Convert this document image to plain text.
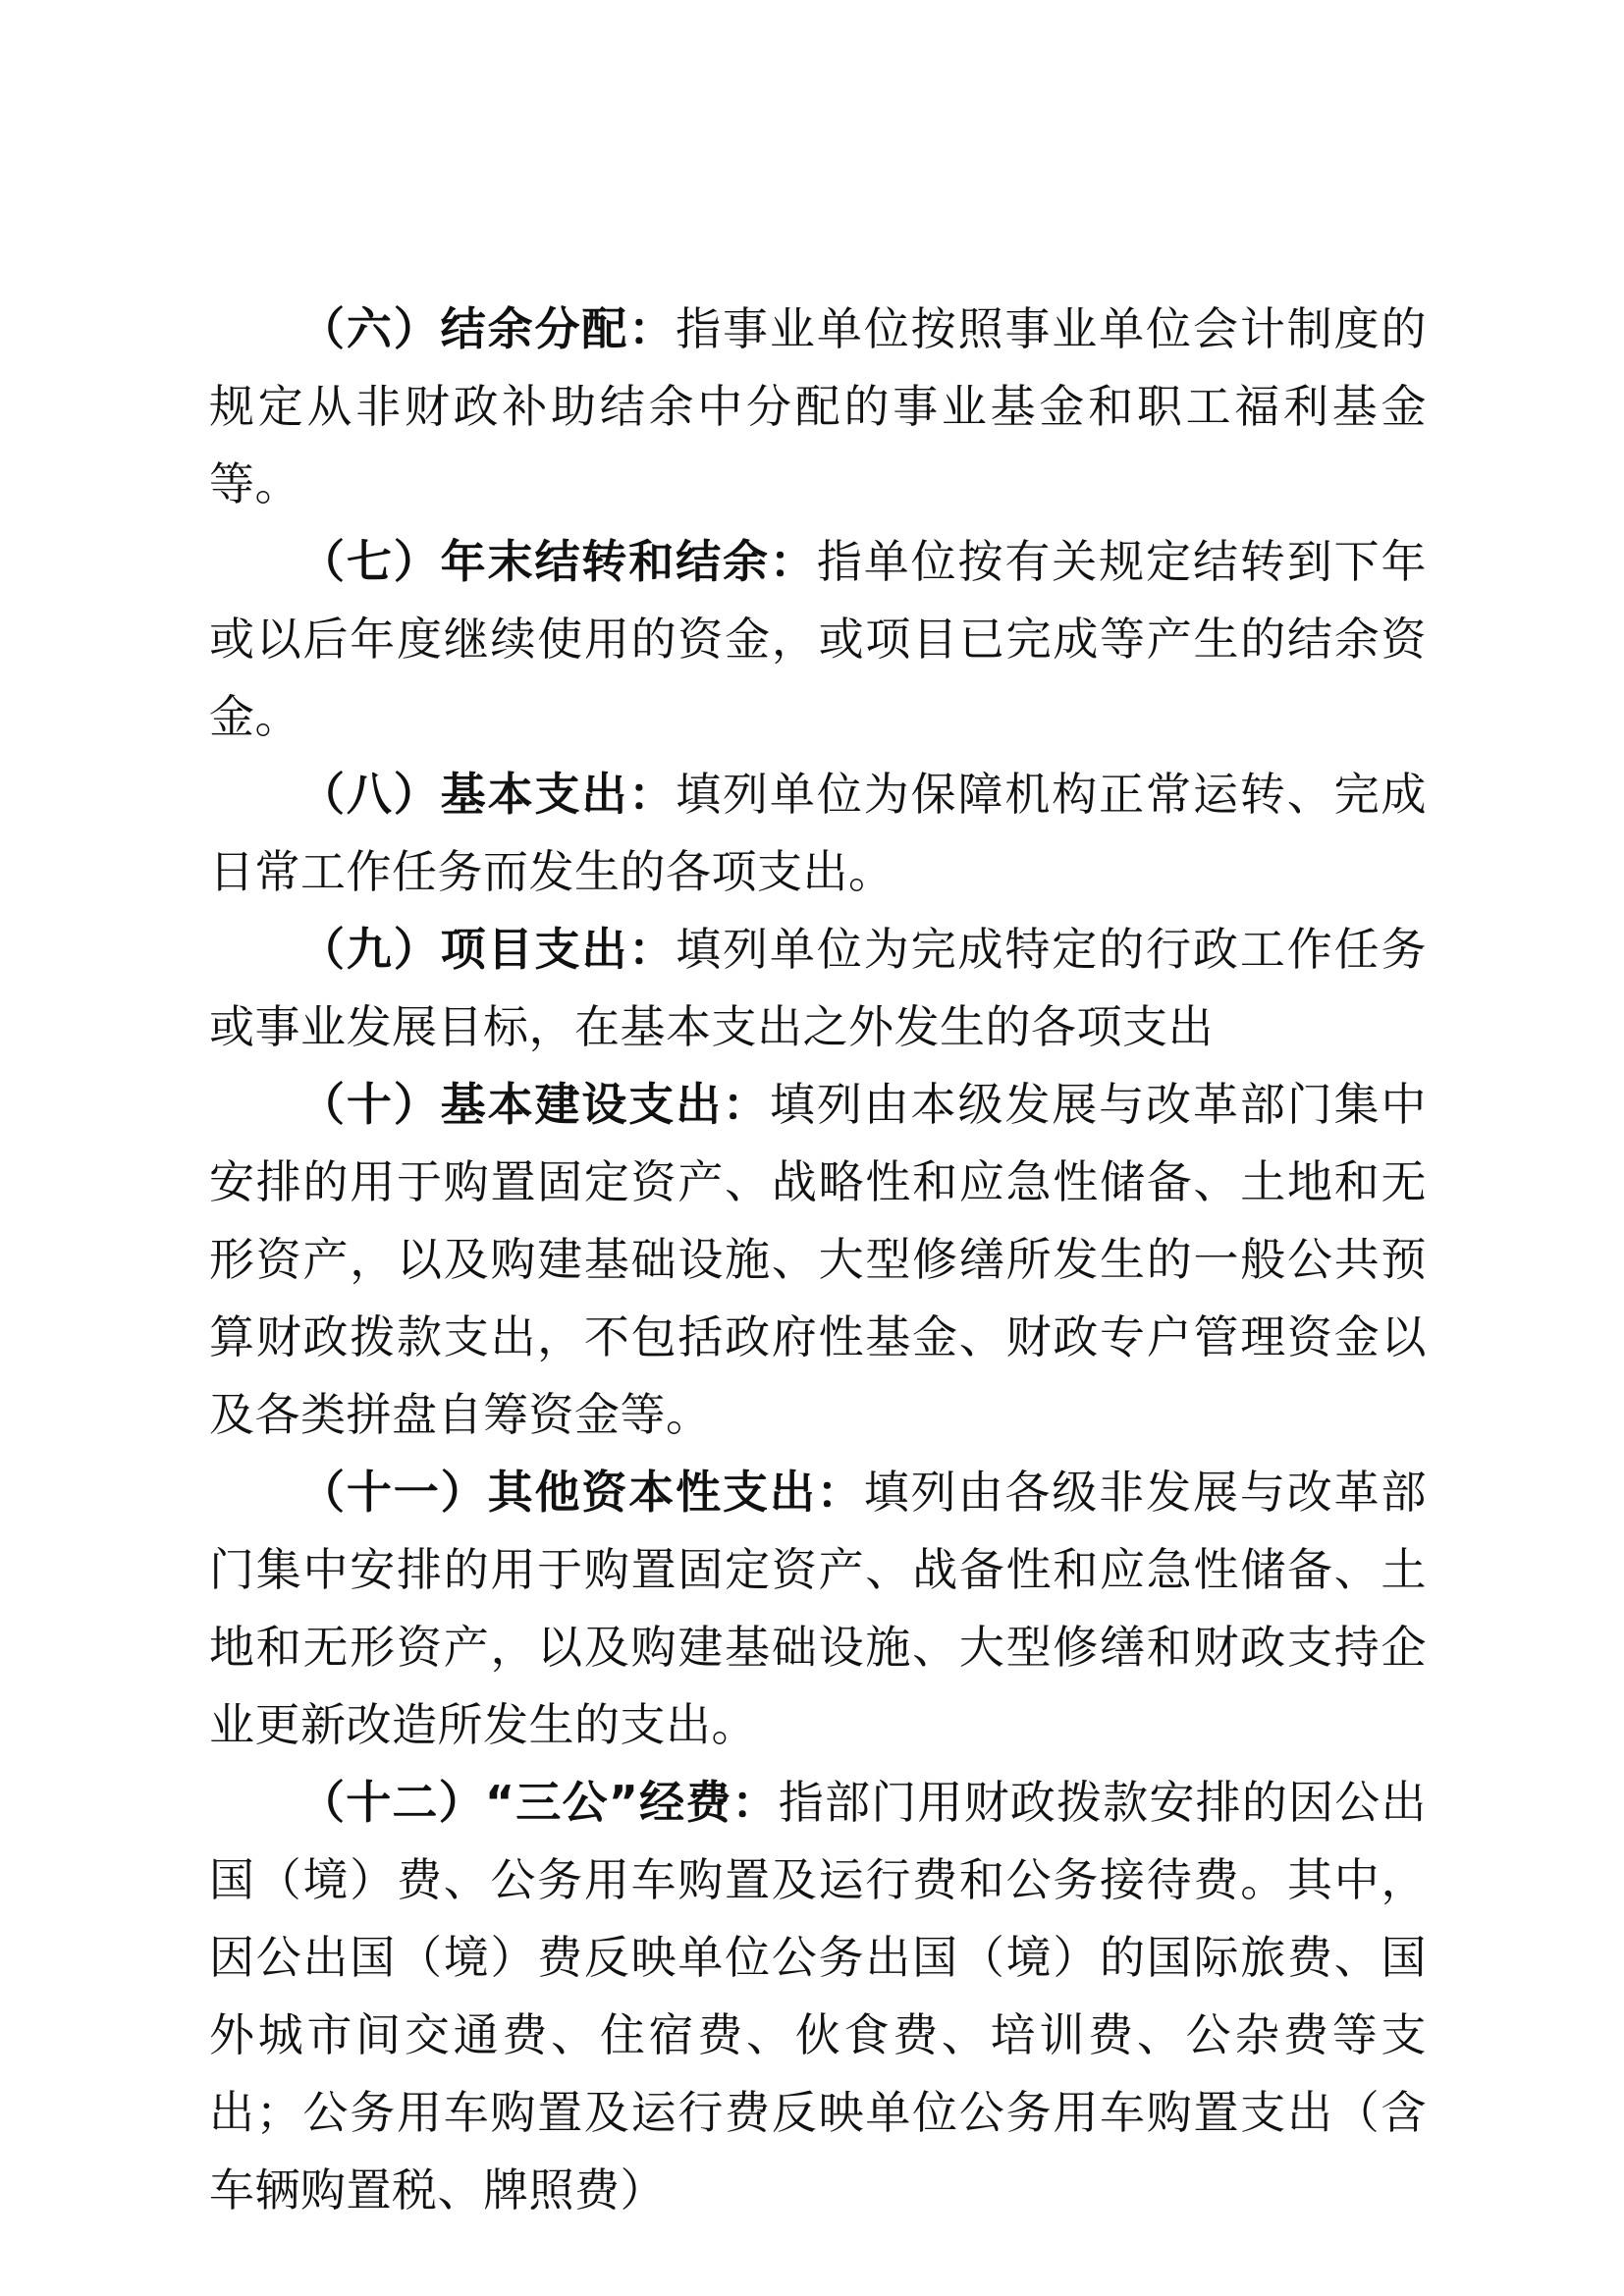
（六）结余分配：指事业单位按照事业单位会计制度的规定从非财政补助结余中分配的事业基金和职工福利基金等。

（七）年末结转和结余：指单位按有关规定结转到下年或以后年度继续使用的资金，或项目已完成等产生的结余资金。

（八）基本支出：填列单位为保障机构正常运转、完成日常工作任务而发生的各项支出。

（九）项目支出：填列单位为完成特定的行政工作任务或事业发展目标，在基本支出之外发生的各项支出

（十）基本建设支出：填列由本级发展与改革部门集中安排的用于购置固定资产、战略性和应急性储备、土地和无形资产，以及购建基础设施、大型修缮所发生的一般公共预算财政拨款支出，不包括政府性基金、财政专户管理资金以及各类拼盘自筹资金等。

（十一）其他资本性支出：填列由各级非发展与改革部门集中安排的用于购置固定资产、战备性和应急性储备、土地和无形资产，以及购建基础设施、大型修缮和财政支持企业更新改造所发生的支出。

（十二）“三公”经费：指部门用财政拨款安排的因公出国（境）费、公务用车购置及运行费和公务接待费。其中，因公出国（境）费反映单位公务出国（境）的国际旅费、国外城市间交通费、住宿费、伙食费、培训费、公杂费等支出；公务用车购置及运行费反映单位公务用车购置支出（含车辆购置税、牌照费）
